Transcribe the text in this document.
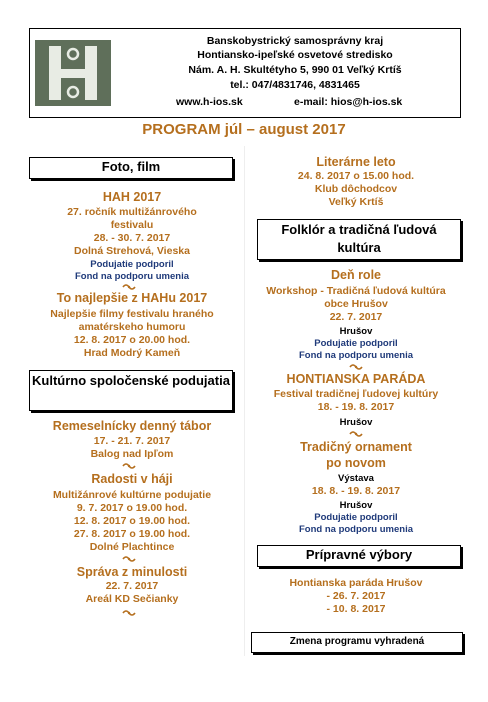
Banskobystrický samosprávny kraj
Hontiansko-ipeľské osvetové stredisko
Nám. A. H. Skultétyho 5, 990 01 Veľký Krtíš
tel.: 047/4831746, 4831465
www.h-ios.sk	e-mail: hios@h-ios.sk
PROGRAM júl – august 2017
Foto, film
HAH 2017
27. ročník multižánrového
festivalu
28. - 30. 7. 2017
Dolná Strehová, Vieska
Podujatie podporil
Fond na podporu umenia
To najlepšie z HAHu 2017
Najlepšie filmy festivalu hraného
amatérskeho humoru
12. 8. 2017 o 20.00 hod.
Hrad Modrý Kameň
Kultúrno spoločenské podujatia
Remeselnícky denný tábor
17. - 21. 7. 2017
Balog nad Ipľom
Radosti v háji
Multižánrové kultúrne podujatie
9. 7. 2017 o 19.00 hod.
12. 8. 2017 o 19.00 hod.
27. 8. 2017 o 19.00 hod.
Dolné Plachtince
Správa z minulosti
22. 7. 2017
Areál KD Sečianky
Literárne leto
24. 8. 2017 o 15.00 hod.
Klub dôchodcov
Veľký Krtíš
Folklór a tradičná ľudová kultúra
Deň role
Workshop - Tradičná ľudová kultúra
obce Hrušov
22. 7. 2017
Hrušov
Podujatie podporil
Fond na podporu umenia
HONTIANSKA PARÁDA
Festival tradičnej ľudovej kultúry
18. - 19. 8. 2017
Hrušov
Tradičný ornament
po novom
Výstava
18. 8. - 19. 8. 2017
Hrušov
Podujatie podporil
Fond na podporu umenia
Prípravné výbory
Hontianska paráda Hrušov
- 26. 7. 2017
- 10. 8. 2017
Zmena programu vyhradená
